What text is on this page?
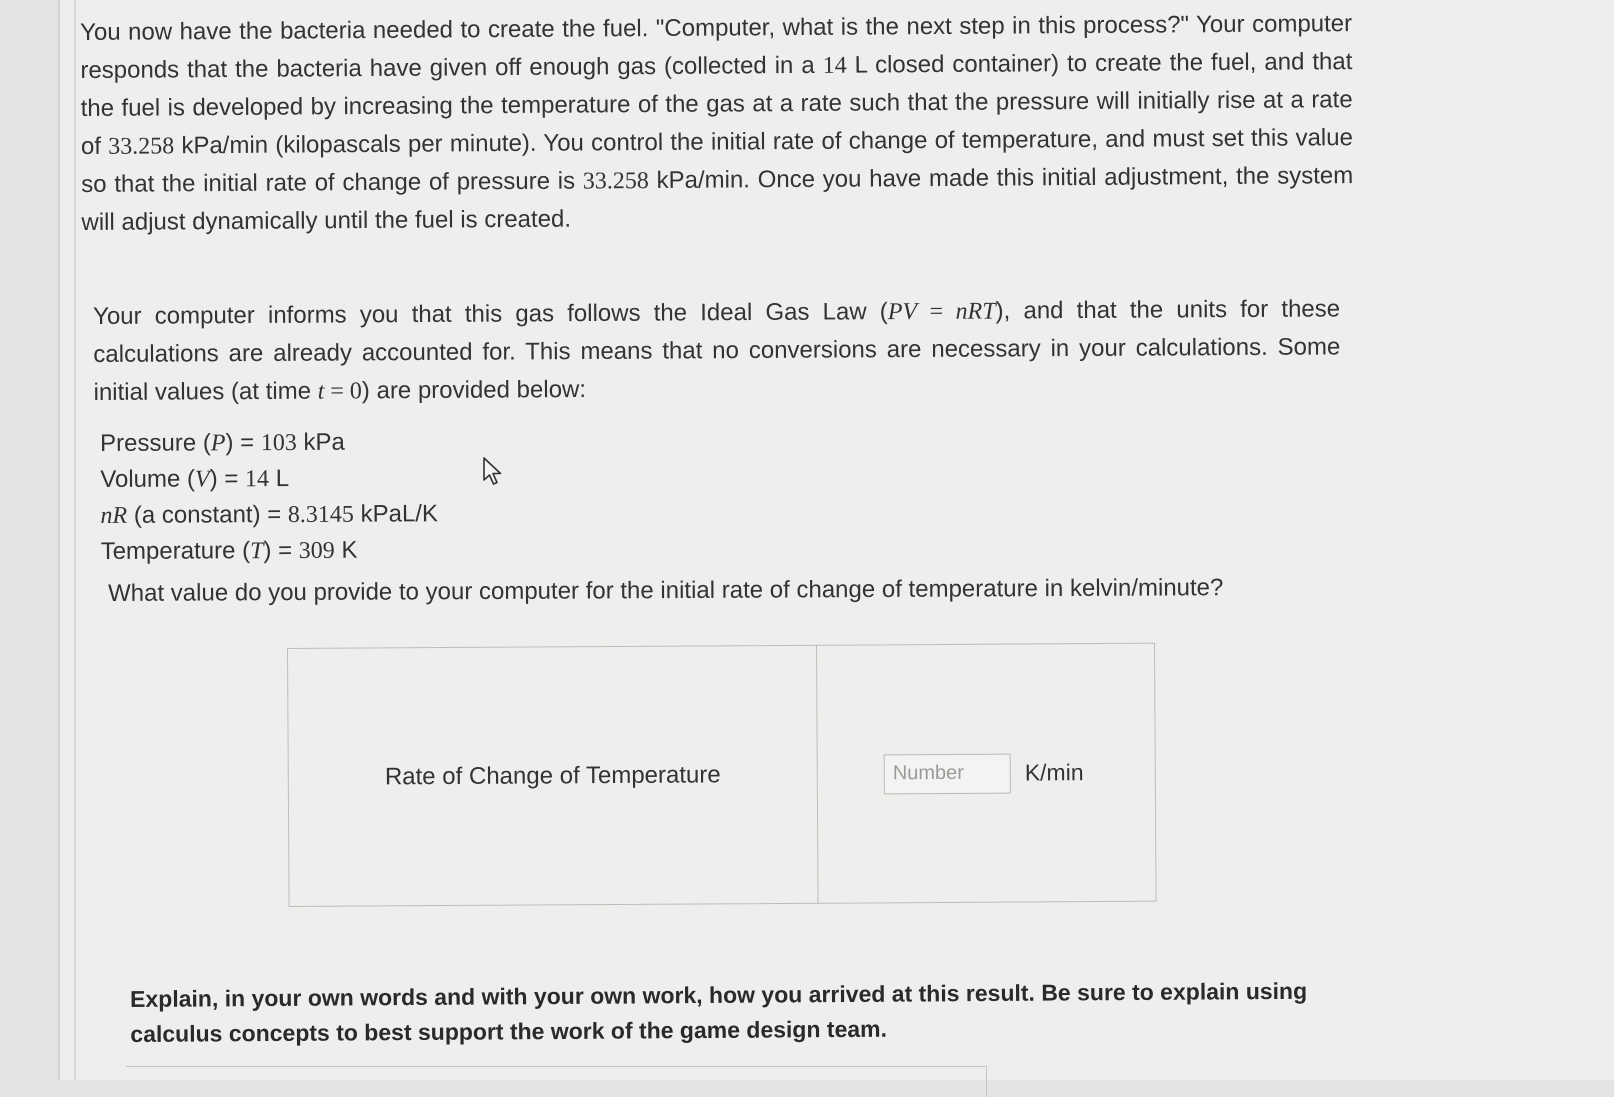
You now have the bacteria needed to create the fuel. "Computer, what is the next step in this process?" Your computer responds that the bacteria have given off enough gas (collected in a 14 L closed container) to create the fuel, and that the fuel is developed by increasing the temperature of the gas at a rate such that the pressure will initially rise at a rate of 33.258 kPa/min (kilopascals per minute). You control the initial rate of change of temperature, and must set this value so that the initial rate of change of pressure is 33.258 kPa/min. Once you have made this initial adjustment, the system will adjust dynamically until the fuel is created.
Your computer informs you that this gas follows the Ideal Gas Law (PV = nRT), and that the units for these calculations are already accounted for. This means that no conversions are necessary in your calculations. Some initial values (at time t = 0) are provided below:
Pressure (P) = 103 kPa
Volume (V) = 14 L
nR (a constant) = 8.3145 kPaL/K
Temperature (T) = 309 K
What value do you provide to your computer for the initial rate of change of temperature in kelvin/minute?
Rate of Change of Temperature
Number	K/min
Explain, in your own words and with your own work, how you arrived at this result. Be sure to explain using calculus concepts to best support the work of the game design team.
